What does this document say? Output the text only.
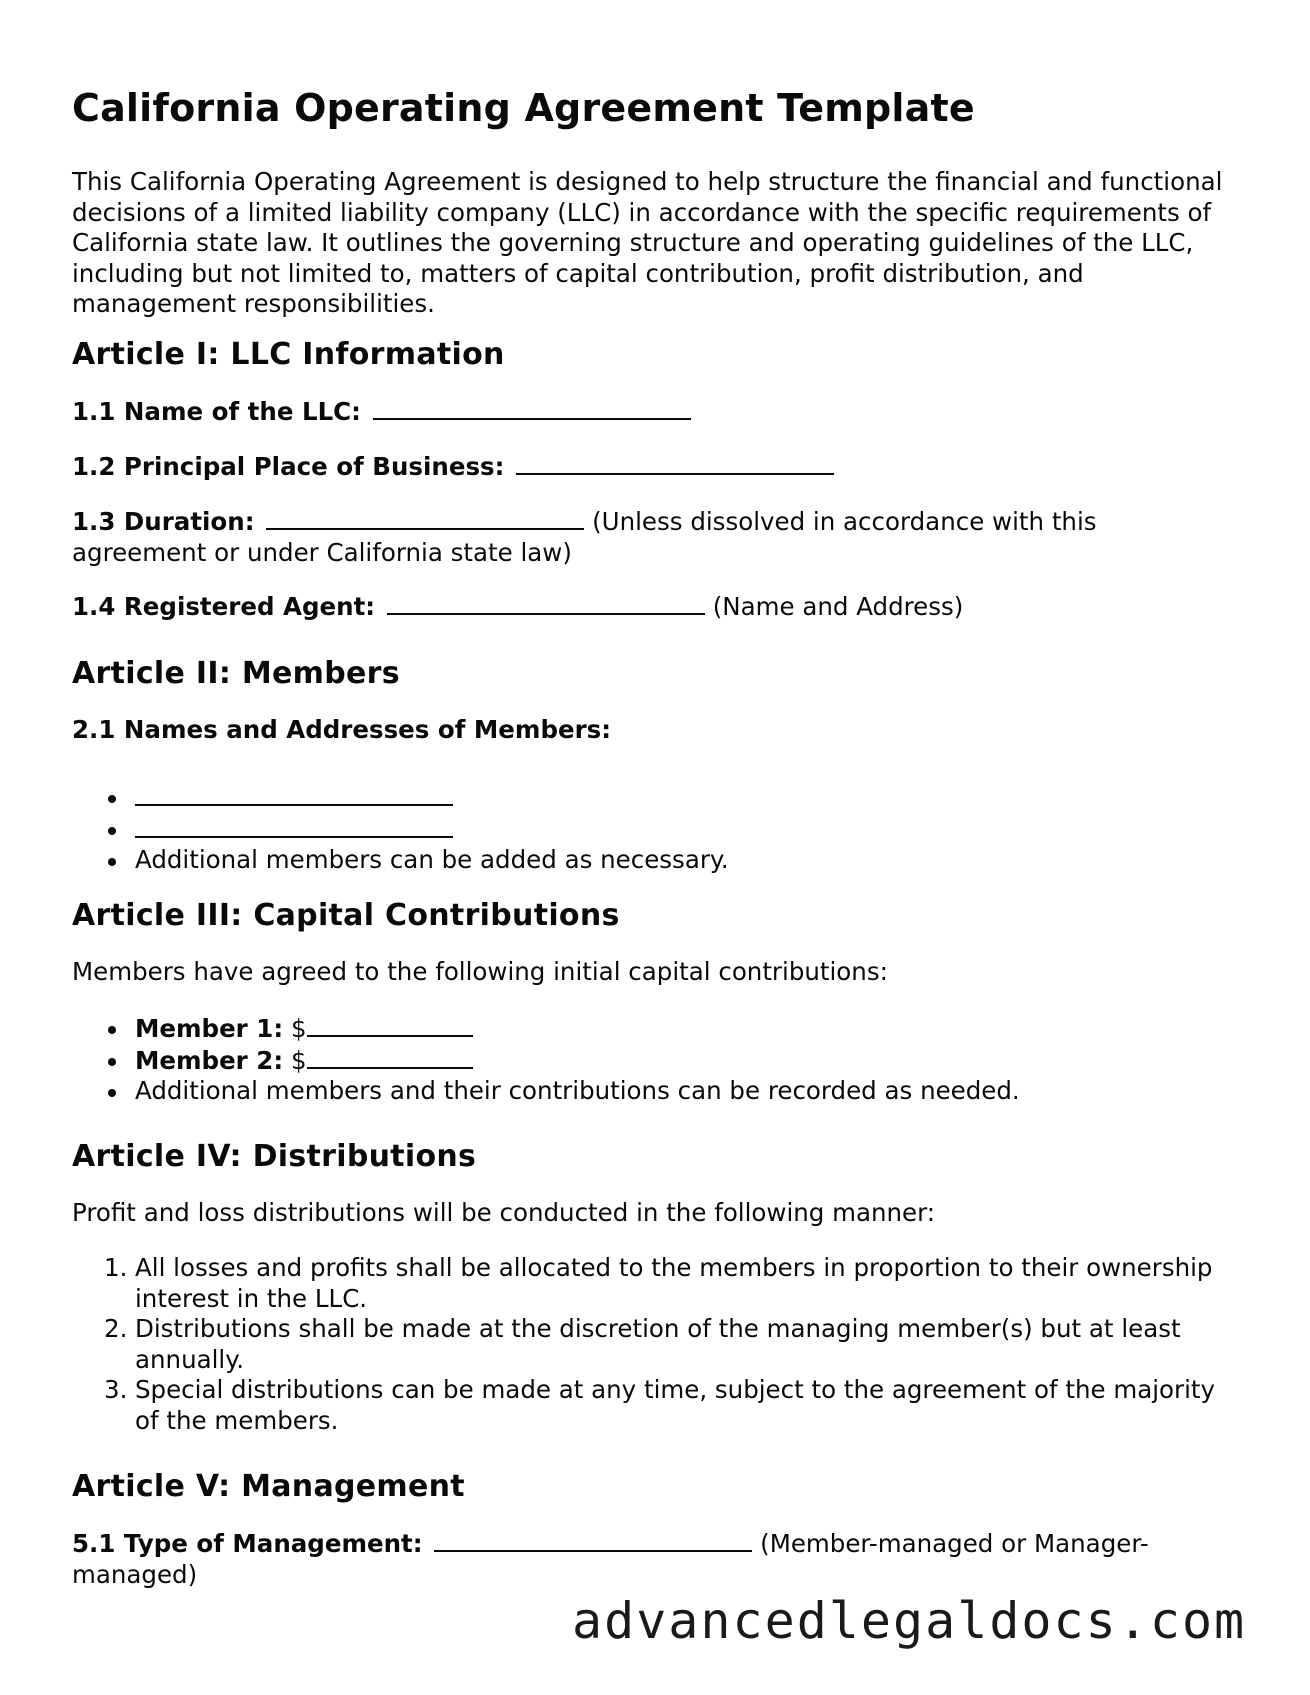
California Operating Agreement Template

This California Operating Agreement is designed to help structure the financial and functional decisions of a limited liability company (LLC) in accordance with the specific requirements of California state law. It outlines the governing structure and operating guidelines of the LLC, including but not limited to, matters of capital contribution, profit distribution, and management responsibilities.

Article I: LLC Information

1.1 Name of the LLC:

1.2 Principal Place of Business:

1.3 Duration:	(Unless dissolved in accordance with this agreement or under California state law)

1.4 Registered Agent:	(Name and Address)

Article II: Members

2.1 Names and Addresses of Members:

Additional members can be added as necessary.
Article III: Capital Contributions

Members have agreed to the following initial capital contributions:

Member 1: $
Member 2: $
Additional members and their contributions can be recorded as needed.
Article IV: Distributions

Profit and loss distributions will be conducted in the following manner:

1. All losses and profits shall be allocated to the members in proportion to their ownership interest in the LLC.
2. Distributions shall be made at the discretion of the managing member(s) but at least annually.
3. Special distributions can be made at any time, subject to the agreement of the majority of the members.
Article V: Management

5.1 Type of Management:	(Member-managed or Manager-managed)

advancedlegaldocs.com
